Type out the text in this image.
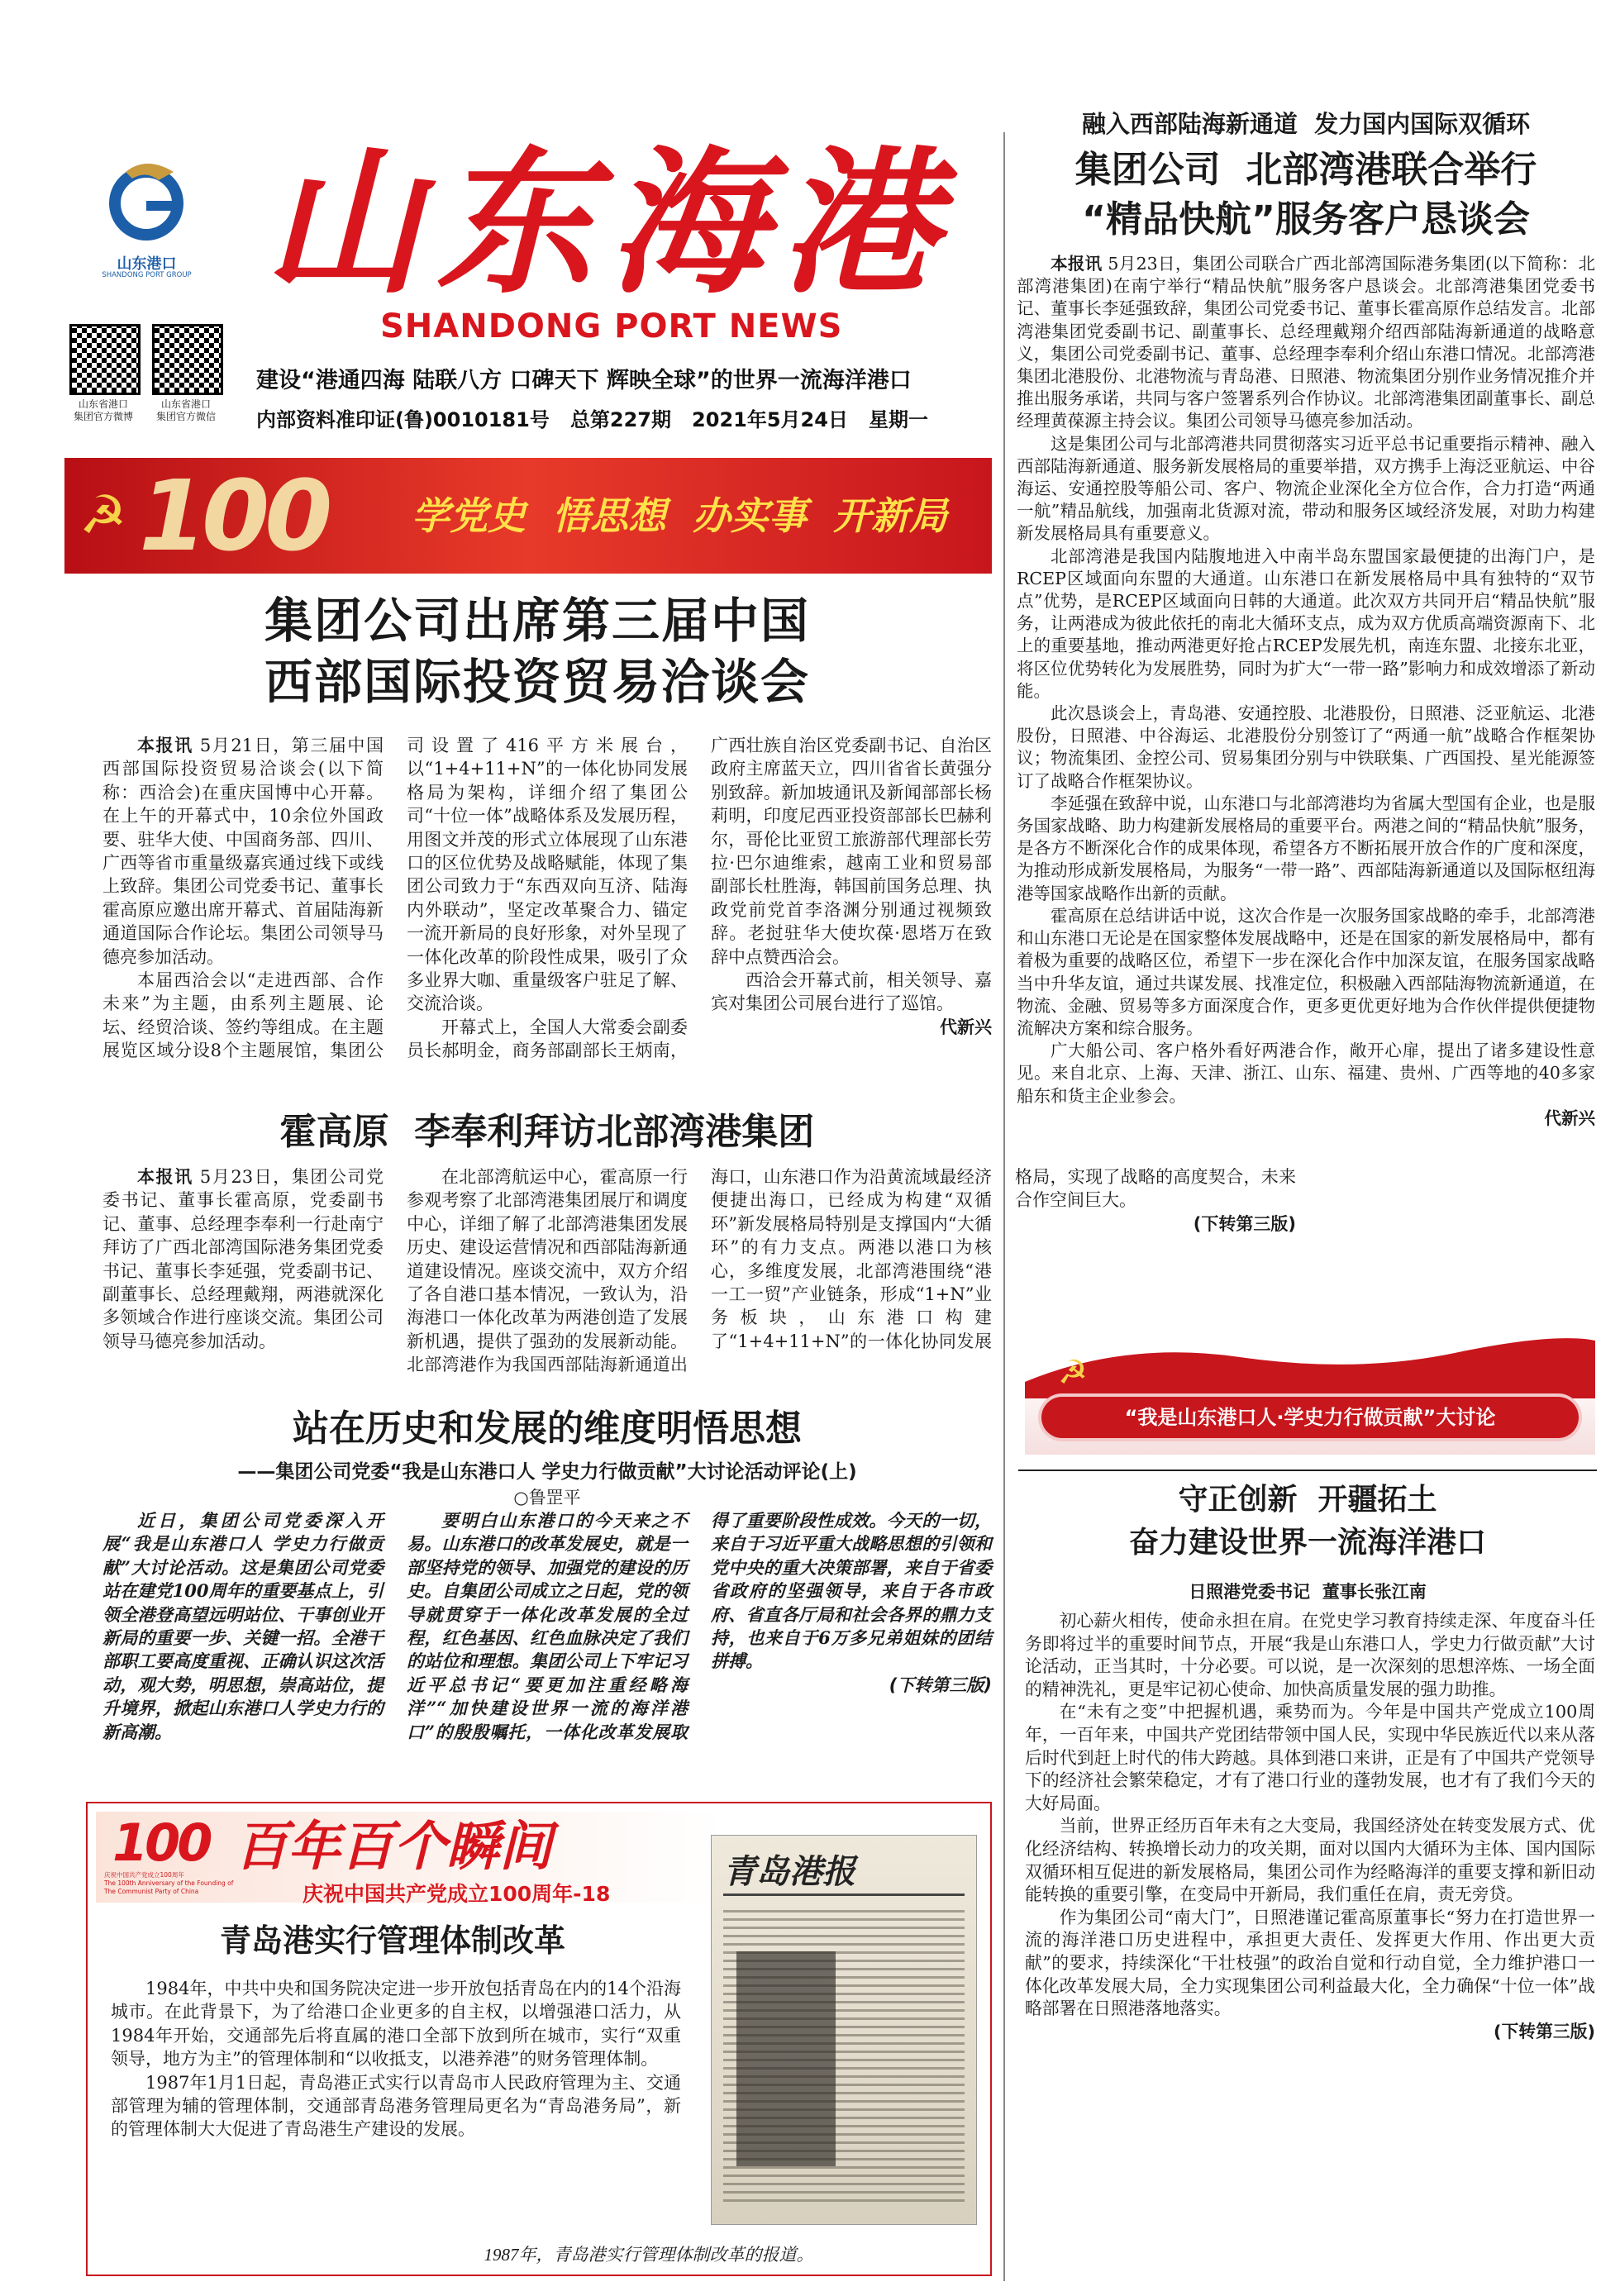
山东港口
SHANDONG PORT GROUP 山东海港
SHANDONG PORT NEWS
山东省港口
集团官方微博
山东省港口
集团官方微信
建设“港通四海 陆联八方 口碑天下 辉映全球”的世界一流海洋港口
内部资料准印证(鲁)0010181号   总第227期   2021年5月24日   星期一
☭ 100 学党史  悟思想  办实事  开新局
集团公司出席第三届中国
西部国际投资贸易洽谈会

本报讯 5月21日，第三届中国西部国际投资贸易洽谈会(以下简称：西洽会)在重庆国博中心开幕。在上午的开幕式中，10余位外国政要、驻华大使、中国商务部、四川、广西等省市重量级嘉宾通过线下或线上致辞。集团公司党委书记、董事长霍高原应邀出席开幕式、首届陆海新通道国际合作论坛。集团公司领导马德亮参加活动。

本届西洽会以“走进西部、合作未来”为主题，由系列主题展、论坛、经贸洽谈、签约等组成。在主题展览区域分设8个主题展馆，集团公司设置了416平方米展台，以“1+4+11+N”的一体化协同发展格局为架构，详细介绍了集团公司“十位一体”战略体系及发展历程，用图文并茂的形式立体展现了山东港口的区位优势及战略赋能，体现了集团公司致力于“东西双向互济、陆海内外联动”，坚定改革聚合力、锚定一流开新局的良好形象，对外呈现了一体化改革的阶段性成果，吸引了众多业界大咖、重量级客户驻足了解、交流洽谈。

开幕式上，全国人大常委会副委员长郝明金，商务部副部长王炳南，广西壮族自治区党委副书记、自治区政府主席蓝天立，四川省省长黄强分别致辞。新加坡通讯及新闻部部长杨莉明，印度尼西亚投资部部长巴赫利尔，哥伦比亚贸工旅游部代理部长劳拉·巴尔迪维索，越南工业和贸易部副部长杜胜海，韩国前国务总理、执政党前党首李洛渊分别通过视频致辞。老挝驻华大使坎葆·恩塔万在致辞中点赞西洽会。

西洽会开幕式前，相关领导、嘉宾对集团公司展台进行了巡馆。

代新兴

霍高原  李奉利拜访北部湾港集团

本报讯 5月23日，集团公司党委书记、董事长霍高原，党委副书记、董事、总经理李奉利一行赴南宁拜访了广西北部湾国际港务集团党委书记、董事长李延强，党委副书记、副董事长、总经理戴翔，两港就深化多领域合作进行座谈交流。集团公司领导马德亮参加活动。

在北部湾航运中心，霍高原一行参观考察了北部湾港集团展厅和调度中心，详细了解了北部湾港集团发展历史、建设运营情况和西部陆海新通道建设情况。座谈交流中，双方介绍了各自港口基本情况，一致认为，沿海港口一体化改革为两港创造了发展新机遇，提供了强劲的发展新动能。北部湾港作为我国西部陆海新通道出海口，山东港口作为沿黄流域最经济便捷出海口，已经成为构建“双循环”新发展格局特别是支撑国内“大循环”的有力支点。两港以港口为核心，多维度发展，北部湾港围绕“港一工一贸”产业链条，形成“1+N”业务板块，山东港口构建了“1+4+11+N”的一体化协同发展格局，实现了战略的高度契合，未来合作空间巨大。

(下转第三版)

站在历史和发展的维度明悟思想
——集团公司党委“我是山东港口人 学史力行做贡献”大讨论活动评论(上)
○鲁罡平

近日，集团公司党委深入开展“我是山东港口人 学史力行做贡献”大讨论活动。这是集团公司党委站在建党100周年的重要基点上，引领全港登高望远明站位、干事创业开新局的重要一步、关键一招。全港干部职工要高度重视、正确认识这次活动，观大势，明思想，崇高站位，提升境界，掀起山东港口人学史力行的新高潮。

要明白山东港口的今天来之不易。山东港口的改革发展史，就是一部坚持党的领导、加强党的建设的历史。自集团公司成立之日起，党的领导就贯穿于一体化改革发展的全过程，红色基因、红色血脉决定了我们的站位和理想。集团公司上下牢记习近平总书记“要更加注重经略海洋”“加快建设世界一流的海洋港口”的殷殷嘱托，一体化改革发展取得了重要阶段性成效。今天的一切，来自于习近平重大战略思想的引领和党中央的重大决策部署，来自于省委省政府的坚强领导，来自于各市政府、省直各厅局和社会各界的鼎力支持，也来自于6万多兄弟姐妹的团结拼搏。

(下转第三版)

100 百年百个瞬间
庆祝中国共产党成立100周年
The 100th Anniversary of the Founding of
The Communist Party of China	庆祝中国共产党成立100周年-18
青岛港实行管理体制改革

1984年，中共中央和国务院决定进一步开放包括青岛在内的14个沿海城市。在此背景下，为了给港口企业更多的自主权，以增强港口活力，从1984年开始，交通部先后将直属的港口全部下放到所在城市，实行“双重领导，地方为主”的管理体制和“以收抵支，以港养港”的财务管理体制。

1987年1月1日起，青岛港正式实行以青岛市人民政府管理为主、交通部管理为辅的管理体制，交通部青岛港务管理局更名为“青岛港务局”，新的管理体制大大促进了青岛港生产建设的发展。

青岛港报
1987年，青岛港实行管理体制改革的报道。
融入西部陆海新通道  发力国内国际双循环
集团公司  北部湾港联合举行
“精品快航”服务客户恳谈会

本报讯 5月23日，集团公司联合广西北部湾国际港务集团(以下简称：北部湾港集团)在南宁举行“精品快航”服务客户恳谈会。北部湾港集团党委书记、董事长李延强致辞，集团公司党委书记、董事长霍高原作总结发言。北部湾港集团党委副书记、副董事长、总经理戴翔介绍西部陆海新通道的战略意义，集团公司党委副书记、董事、总经理李奉利介绍山东港口情况。北部湾港集团北港股份、北港物流与青岛港、日照港、物流集团分别作业务情况推介并推出服务承诺，共同与客户签署系列合作协议。北部湾港集团副董事长、副总经理黄葆源主持会议。集团公司领导马德亮参加活动。

这是集团公司与北部湾港共同贯彻落实习近平总书记重要指示精神、融入西部陆海新通道、服务新发展格局的重要举措，双方携手上海泛亚航运、中谷海运、安通控股等船公司、客户、物流企业深化全方位合作，合力打造“两通一航”精品航线，加强南北货源对流，带动和服务区域经济发展，对助力构建新发展格局具有重要意义。

北部湾港是我国内陆腹地进入中南半岛东盟国家最便捷的出海门户，是RCEP区域面向东盟的大通道。山东港口在新发展格局中具有独特的“双节点”优势，是RCEP区域面向日韩的大通道。此次双方共同开启“精品快航”服务，让两港成为彼此依托的南北大循环支点，成为双方优质高端资源南下、北上的重要基地，推动两港更好抢占RCEP发展先机，南连东盟、北接东北亚，将区位优势转化为发展胜势，同时为扩大“一带一路”影响力和成效增添了新动能。

此次恳谈会上，青岛港、安通控股、北港股份，日照港、泛亚航运、北港股份，日照港、中谷海运、北港股份分别签订了“两通一航”战略合作框架协议；物流集团、金控公司、贸易集团分别与中铁联集、广西国投、星光能源签订了战略合作框架协议。

李延强在致辞中说，山东港口与北部湾港均为省属大型国有企业，也是服务国家战略、助力构建新发展格局的重要平台。两港之间的“精品快航”服务，是各方不断深化合作的成果体现，希望各方不断拓展开放合作的广度和深度，为推动形成新发展格局，为服务“一带一路”、西部陆海新通道以及国际枢纽海港等国家战略作出新的贡献。

霍高原在总结讲话中说，这次合作是一次服务国家战略的牵手，北部湾港和山东港口无论是在国家整体发展战略中，还是在国家的新发展格局中，都有着极为重要的战略区位，希望下一步在深化合作中加深友谊，在服务国家战略当中升华友谊，通过共谋发展、找准定位，积极融入西部陆海物流新通道，在物流、金融、贸易等多方面深度合作，更多更优更好地为合作伙伴提供便捷物流解决方案和综合服务。

广大船公司、客户格外看好两港合作，敞开心扉，提出了诸多建设性意见。来自北京、上海、天津、浙江、山东、福建、贵州、广西等地的40多家船东和货主企业参会。

代新兴

☭
“我是山东港口人·学史力行做贡献”大讨论
守正创新  开疆拓土
奋力建设世界一流海洋港口
日照港党委书记  董事长张江南

初心薪火相传，使命永担在肩。在党史学习教育持续走深、年度奋斗任务即将过半的重要时间节点，开展“我是山东港口人，学史力行做贡献”大讨论活动，正当其时，十分必要。可以说，是一次深刻的思想淬炼、一场全面的精神洗礼，更是牢记初心使命、加快高质量发展的强力助推。

在“未有之变”中把握机遇，乘势而为。今年是中国共产党成立100周年，一百年来，中国共产党团结带领中国人民，实现中华民族近代以来从落后时代到赶上时代的伟大跨越。具体到港口来讲，正是有了中国共产党领导下的经济社会繁荣稳定，才有了港口行业的蓬勃发展，也才有了我们今天的大好局面。

当前，世界正经历百年未有之大变局，我国经济处在转变发展方式、优化经济结构、转换增长动力的攻关期，面对以国内大循环为主体、国内国际双循环相互促进的新发展格局，集团公司作为经略海洋的重要支撑和新旧动能转换的重要引擎，在变局中开新局，我们重任在肩，责无旁贷。

作为集团公司“南大门”，日照港谨记霍高原董事长“努力在打造世界一流的海洋港口历史进程中，承担更大责任、发挥更大作用、作出更大贡献”的要求，持续深化“干壮枝强”的政治自觉和行动自觉，全力维护港口一体化改革发展大局，全力实现集团公司利益最大化，全力确保“十位一体”战略部署在日照港落地落实。

(下转第三版)
